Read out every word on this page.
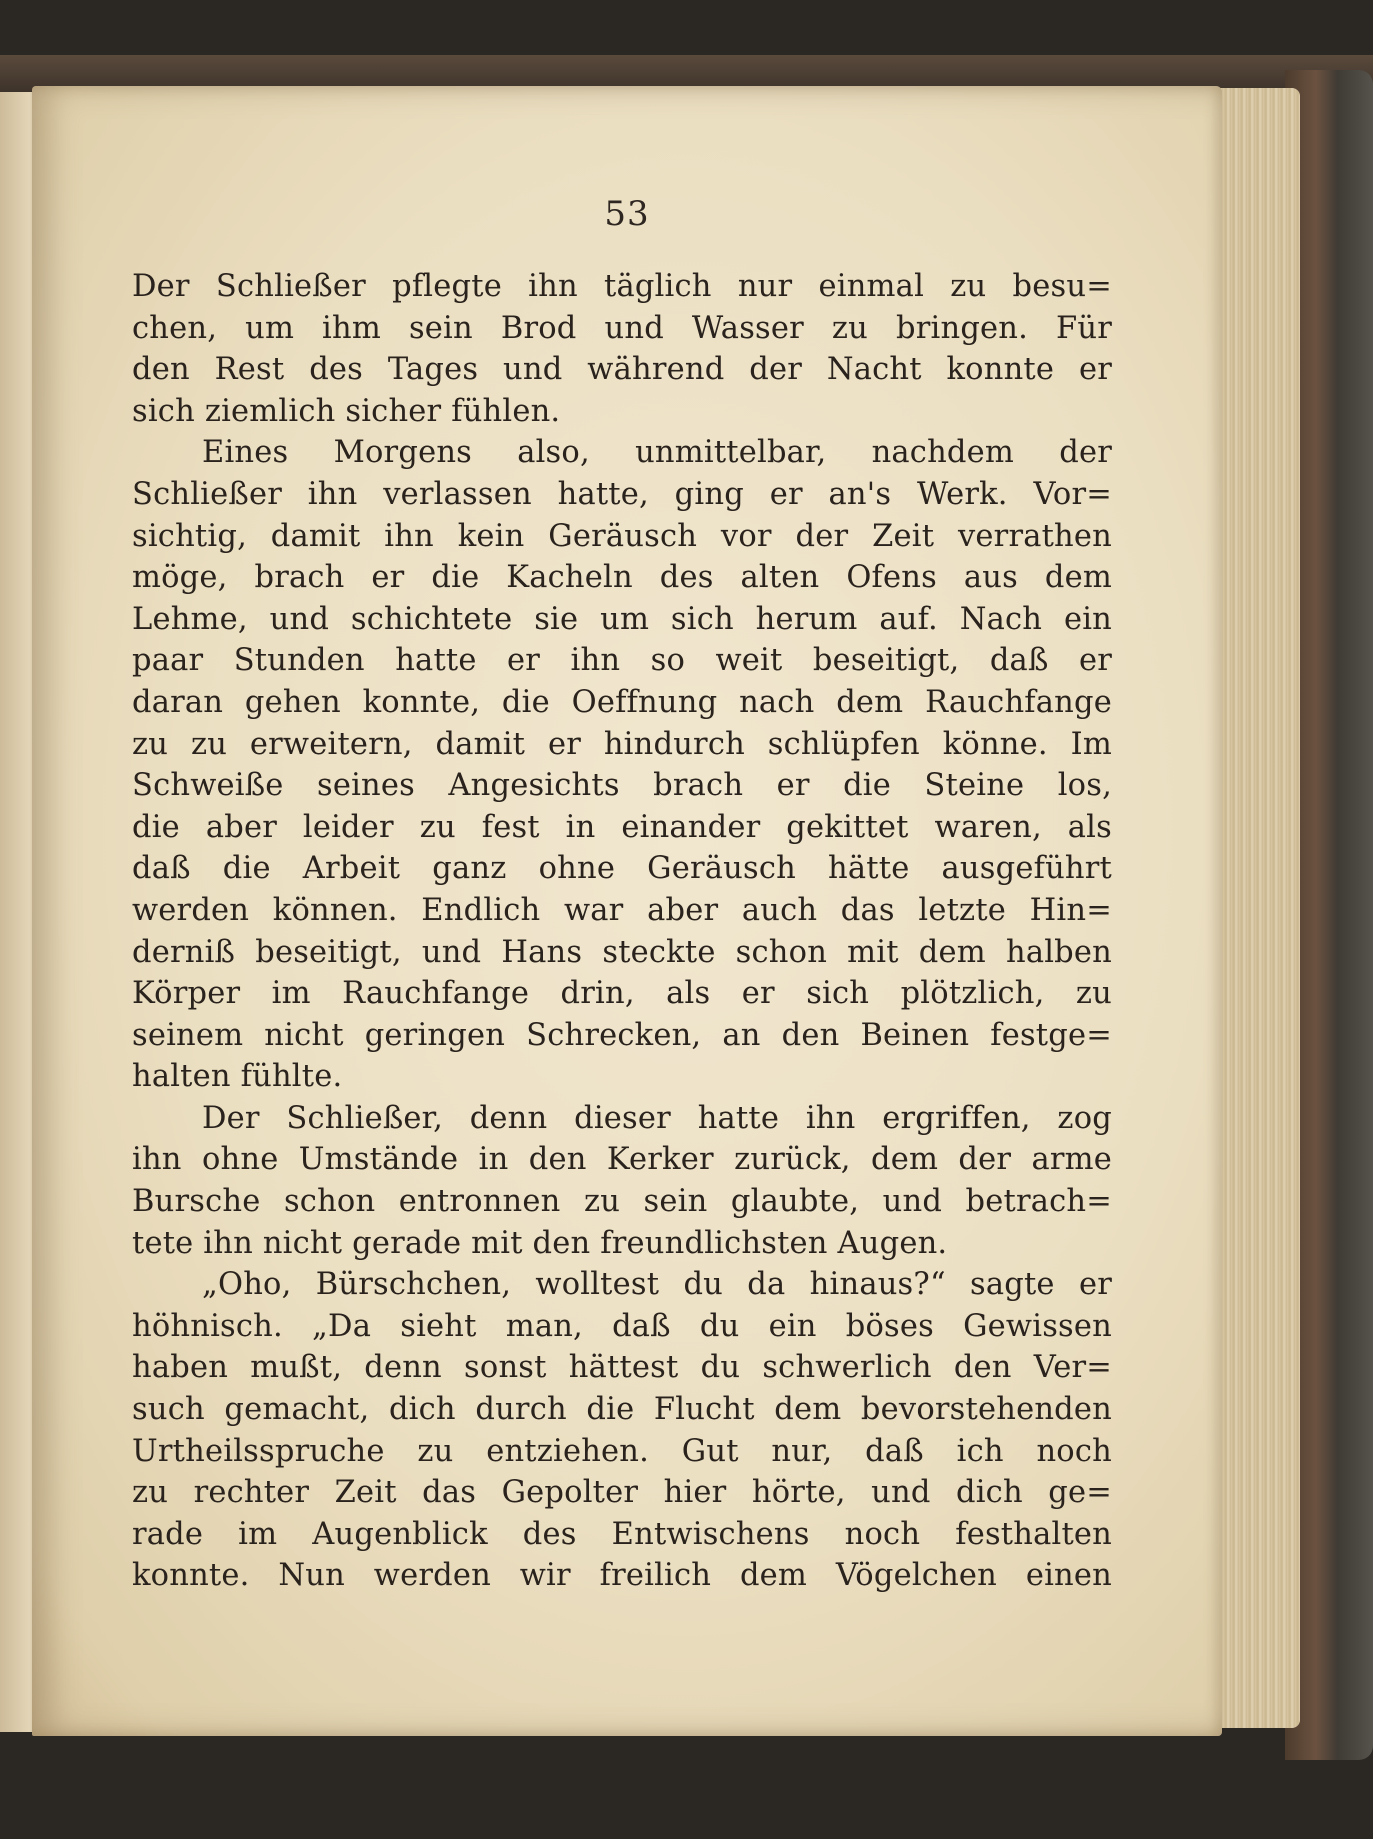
53
Der Schließer pflegte ihn täglich nur einmal zu besu=
chen, um ihm sein Brod und Wasser zu bringen. Für
den Rest des Tages und während der Nacht konnte er
sich ziemlich sicher fühlen.
Eines Morgens also, unmittelbar, nachdem der
Schließer ihn verlassen hatte, ging er an's Werk. Vor=
sichtig, damit ihn kein Geräusch vor der Zeit verrathen
möge, brach er die Kacheln des alten Ofens aus dem
Lehme, und schichtete sie um sich herum auf. Nach ein
paar Stunden hatte er ihn so weit beseitigt, daß er
daran gehen konnte, die Oeffnung nach dem Rauchfange
zu zu erweitern, damit er hindurch schlüpfen könne. Im
Schweiße seines Angesichts brach er die Steine los,
die aber leider zu fest in einander gekittet waren, als
daß die Arbeit ganz ohne Geräusch hätte ausgeführt
werden können. Endlich war aber auch das letzte Hin=
derniß beseitigt, und Hans steckte schon mit dem halben
Körper im Rauchfange drin, als er sich plötzlich, zu
seinem nicht geringen Schrecken, an den Beinen festge=
halten fühlte.
Der Schließer, denn dieser hatte ihn ergriffen, zog
ihn ohne Umstände in den Kerker zurück, dem der arme
Bursche schon entronnen zu sein glaubte, und betrach=
tete ihn nicht gerade mit den freundlichsten Augen.
„Oho, Bürschchen, wolltest du da hinaus?“ sagte er
höhnisch. „Da sieht man, daß du ein böses Gewissen
haben mußt, denn sonst hättest du schwerlich den Ver=
such gemacht, dich durch die Flucht dem bevorstehenden
Urtheilsspruche zu entziehen. Gut nur, daß ich noch
zu rechter Zeit das Gepolter hier hörte, und dich ge=
rade im Augenblick des Entwischens noch festhalten
konnte. Nun werden wir freilich dem Vögelchen einen
